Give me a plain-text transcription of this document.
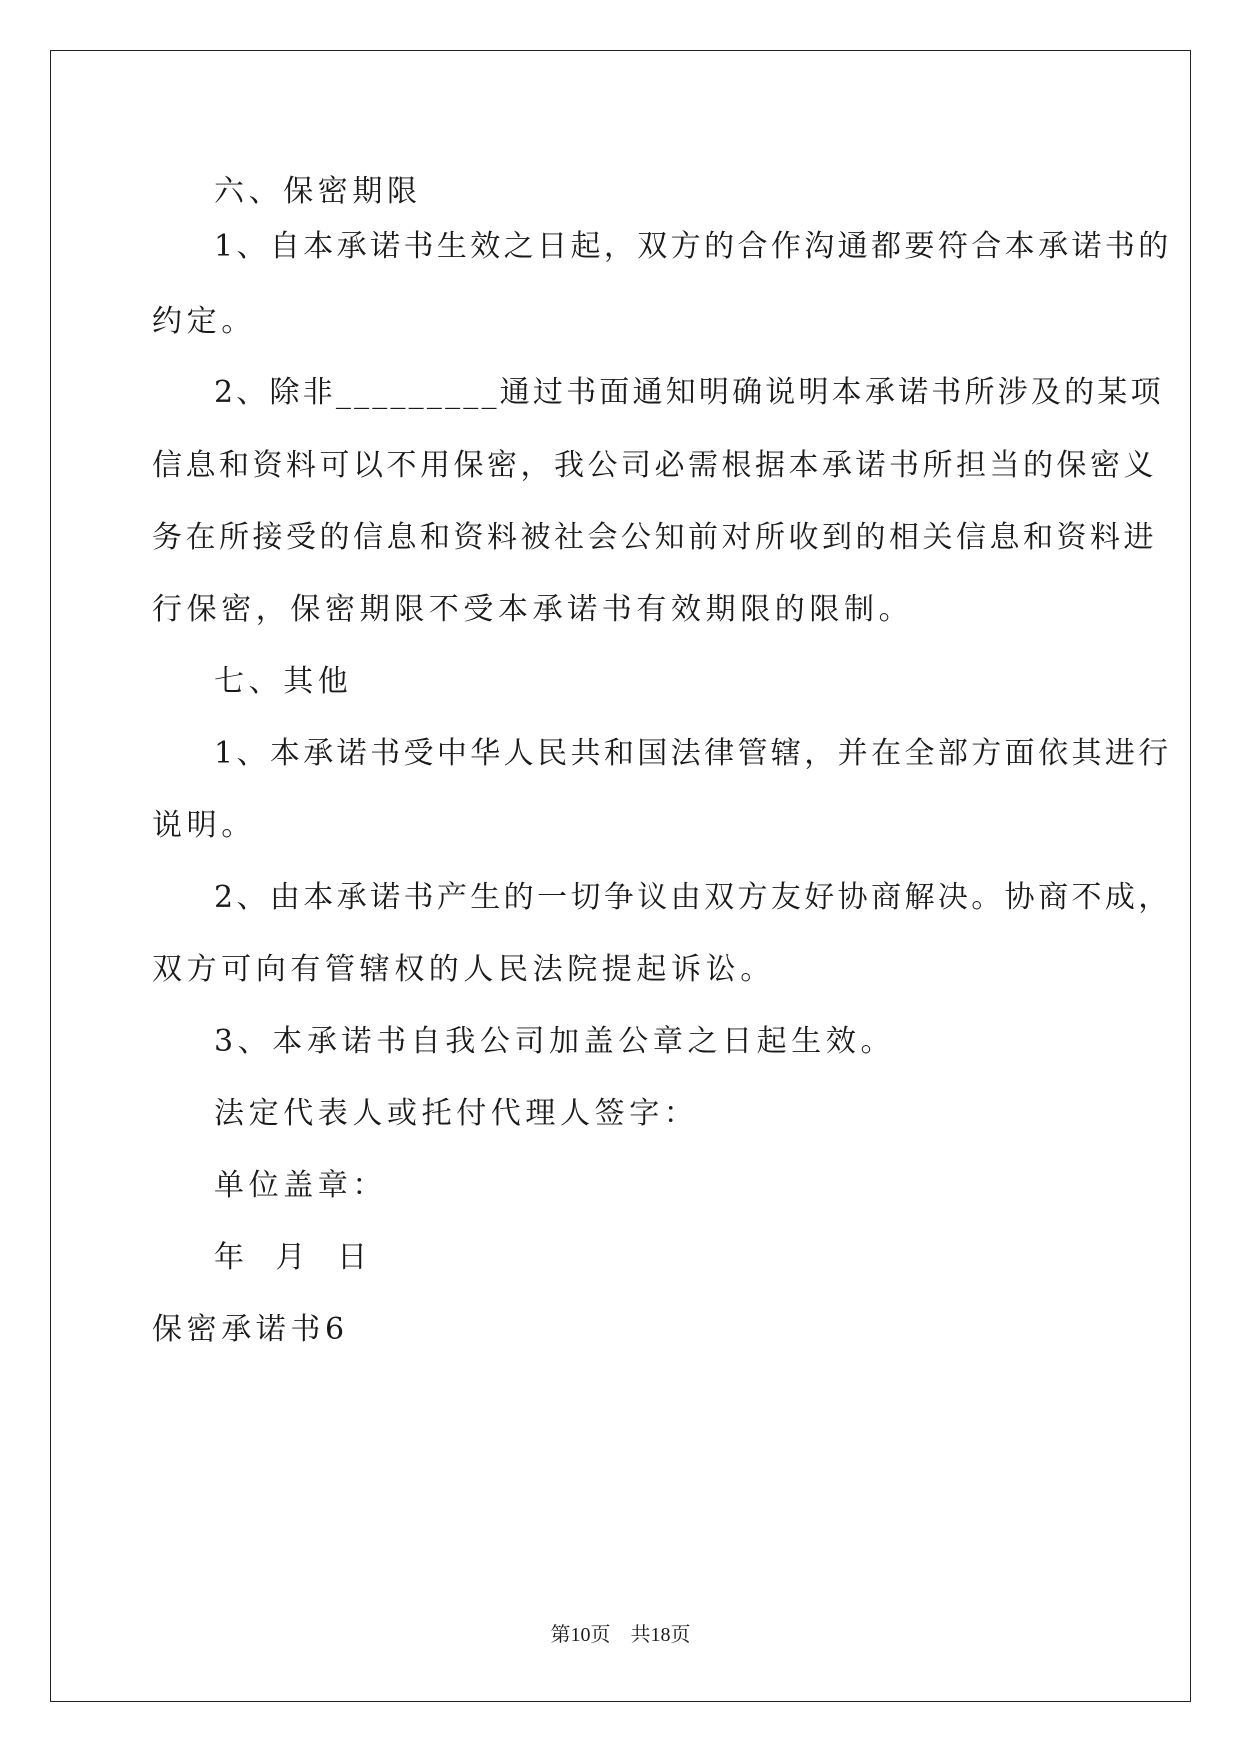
六、保密期限
1、自本承诺书生效之日起，双方的合作沟通都要符合本承诺书的
约定。
2、除非_________通过书面通知明确说明本承诺书所涉及的某项
信息和资料可以不用保密，我公司必需根据本承诺书所担当的保密义
务在所接受的信息和资料被社会公知前对所收到的相关信息和资料进
行保密，保密期限不受本承诺书有效期限的限制。
七、其他
1、本承诺书受中华人民共和国法律管辖，并在全部方面依其进行
说明。
2、由本承诺书产生的一切争议由双方友好协商解决。协商不成，
双方可向有管辖权的人民法院提起诉讼。
3、本承诺书自我公司加盖公章之日起生效。
法定代表人或托付代理人签字：
单位盖章：
年 月 日
保密承诺书6
第10页　共18页
